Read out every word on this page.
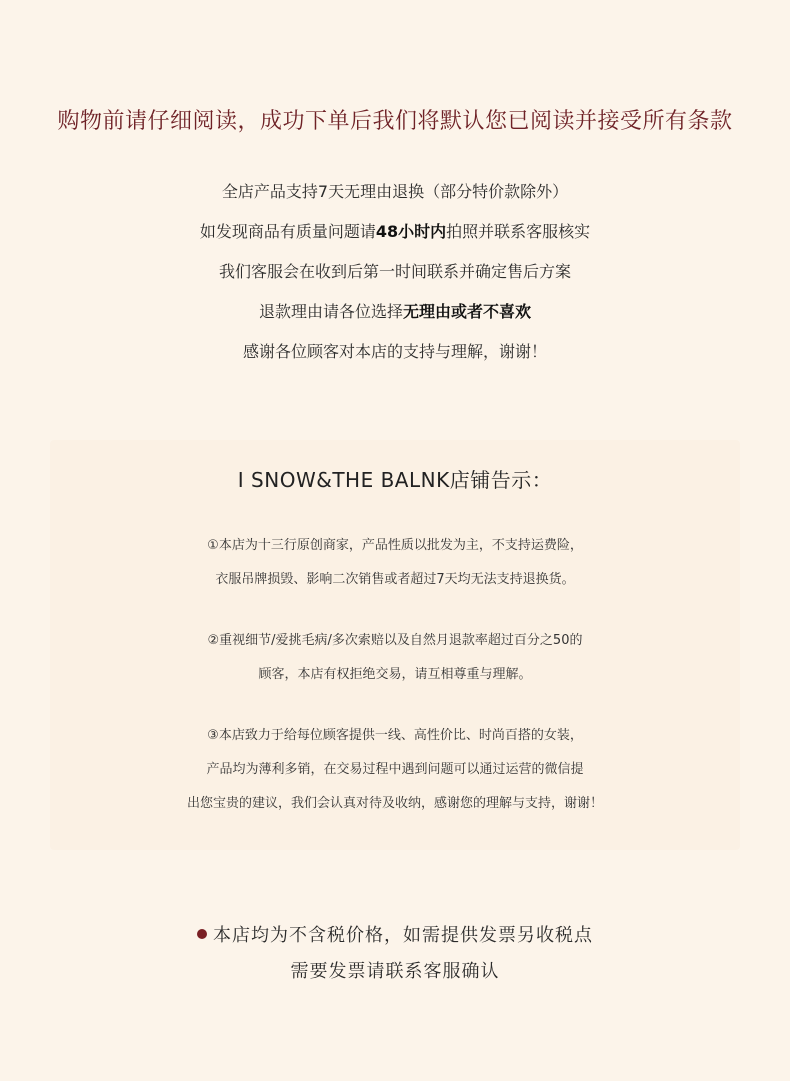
购物前请仔细阅读，成功下单后我们将默认您已阅读并接受所有条款
全店产品支持7天无理由退换（部分特价款除外）
如发现商品有质量问题请48小时内拍照并联系客服核实
我们客服会在收到后第一时间联系并确定售后方案
退款理由请各位选择无理由或者不喜欢
感谢各位顾客对本店的支持与理解，谢谢！
I SNOW&THE BALNK店铺告示：
①本店为十三行原创商家，产品性质以批发为主，不支持运费险，
衣服吊牌损毁、影响二次销售或者超过7天均无法支持退换货。
②重视细节/爱挑毛病/多次索赔以及自然月退款率超过百分之50的
顾客，本店有权拒绝交易，请互相尊重与理解。
③本店致力于给每位顾客提供一线、高性价比、时尚百搭的女装，
产品均为薄利多销，在交易过程中遇到问题可以通过运营的微信提
出您宝贵的建议，我们会认真对待及收纳，感谢您的理解与支持，谢谢！
本店均为不含税价格，如需提供发票另收税点
需要发票请联系客服确认
